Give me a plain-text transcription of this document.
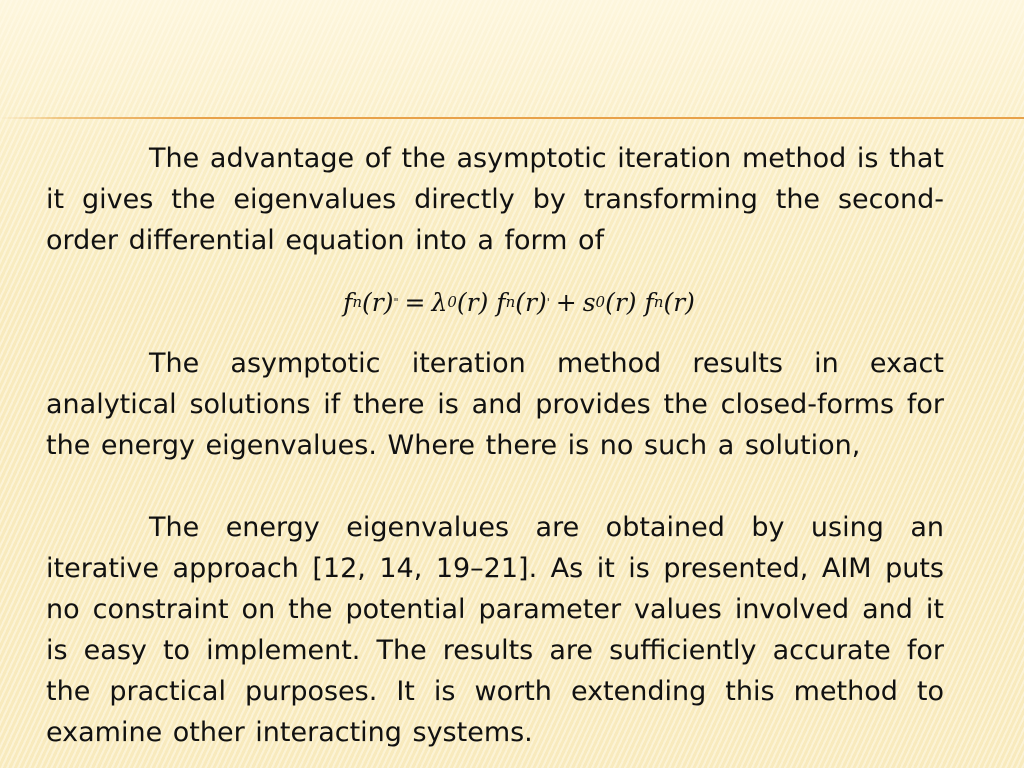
The advantage of the asymptotic iteration method is that it gives the eigenvalues directly by transforming the second-order differential equation into a form of

f n (r) " = λ 0 (r) f n (r) ' + s 0 (r) f n (r)

The asymptotic iteration method results in exact analytical solutions if there is and provides the closed-forms for the energy eigenvalues. Where there is no such a solution,

The energy eigenvalues are obtained by using an iterative approach [12, 14, 19–21]. As it is presented, AIM puts no constraint on the potential parameter values involved and it is easy to implement. The results are sufficiently accurate for the practical purposes. It is worth extending this method to examine other interacting systems.
